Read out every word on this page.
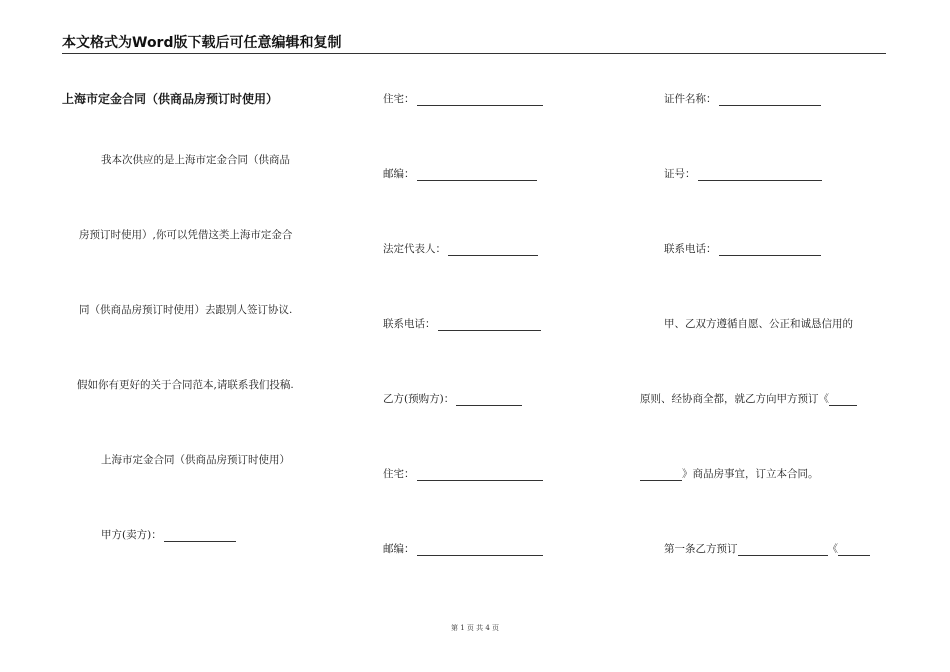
本文格式为Word版下载后可任意编辑和复制
上海市定金合同（供商品房预订时使用）
我本次供应的是上海市定金合同（供商品
房预订时使用）,你可以凭借这类上海市定金合
同（供商品房预订时使用）去跟别人签订协议.
假如你有更好的关于合同范本,请联系我们投稿.
上海市定金合同（供商品房预订时使用）
甲方(卖方)：
住宅：
邮编：
法定代表人：
联系电话：
乙方(预购方)：
住宅：
邮编：
证件名称：
证号：
联系电话：
甲、乙双方遵循自愿、公正和诚恳信用的
原则、经协商全都，就乙方向甲方预订《
》商品房事宜，订立本合同。
第一条乙方预订	《
第 1 页 共 4 页
